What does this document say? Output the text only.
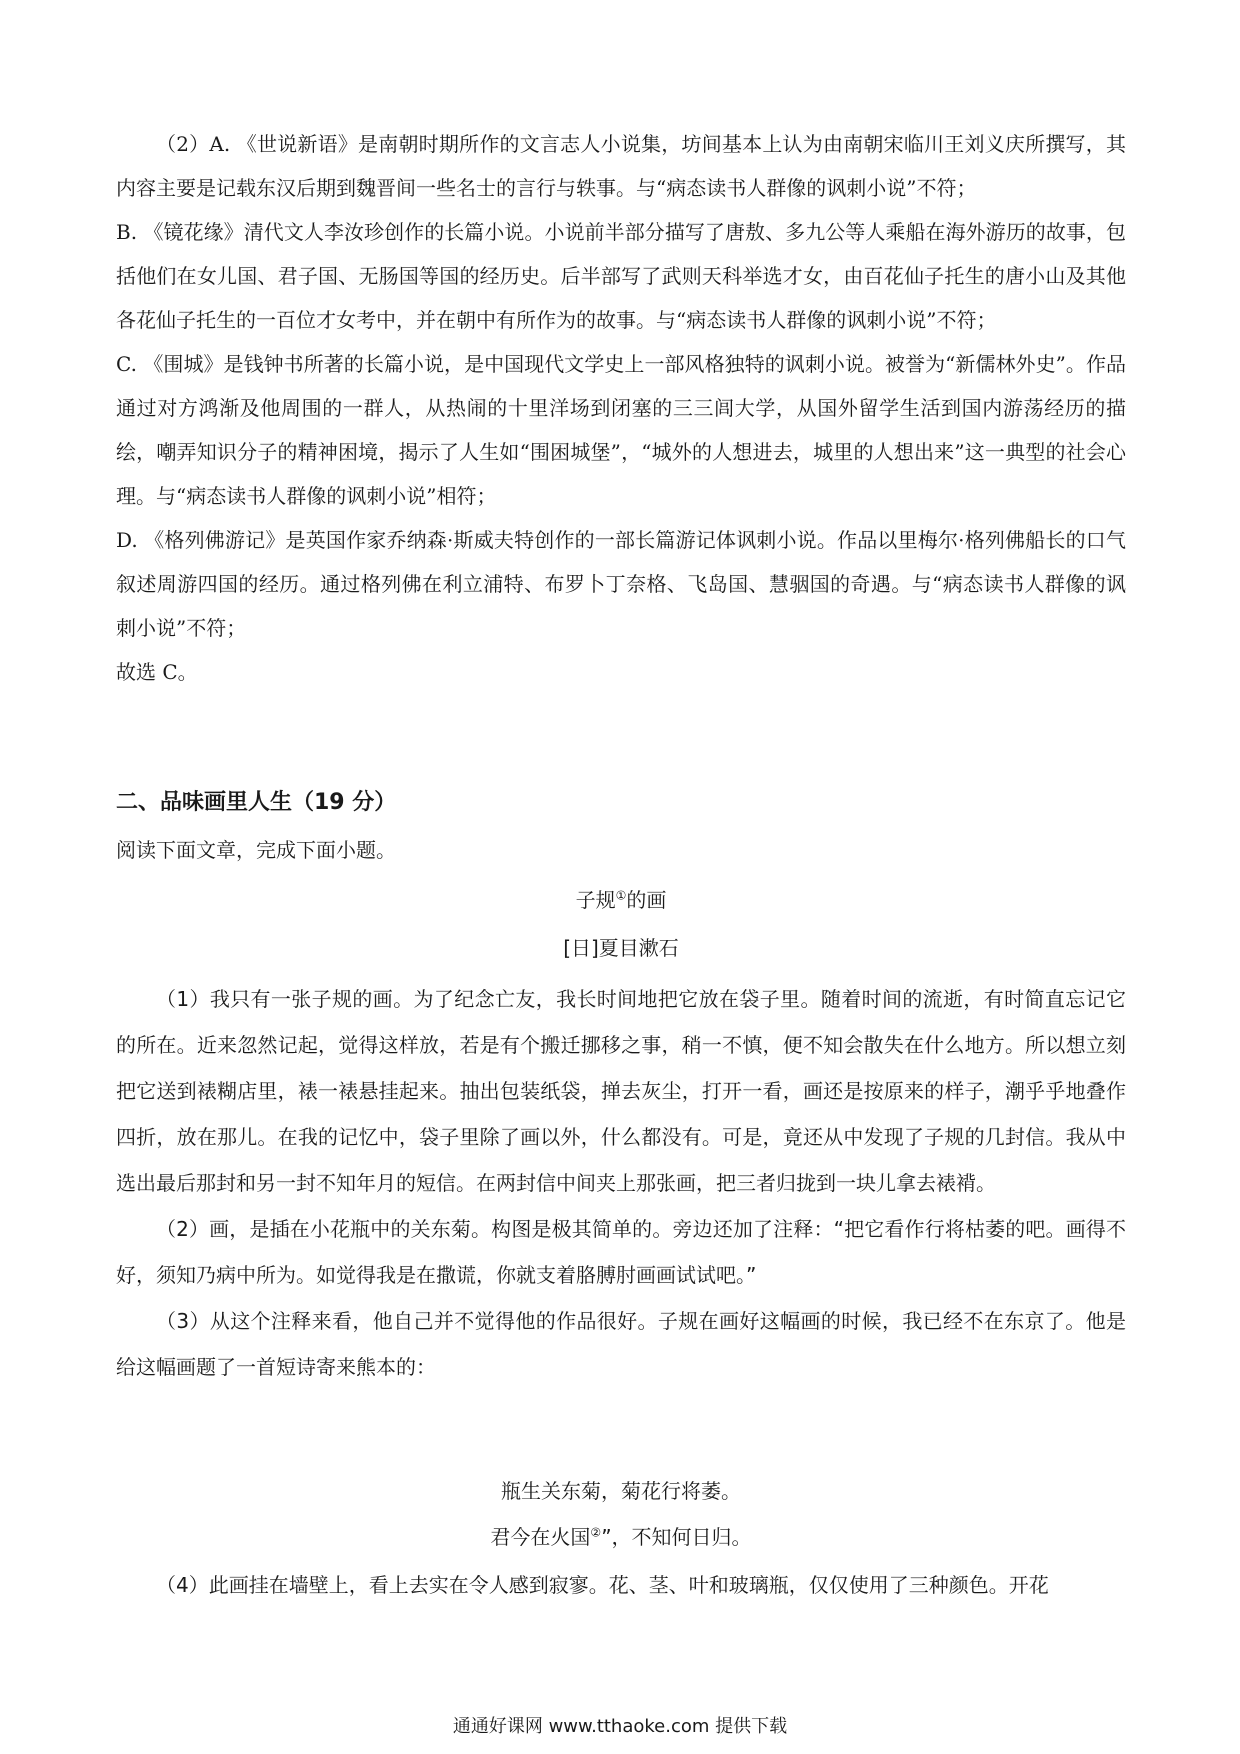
（2）A. 《世说新语》是南朝时期所作的文言志人小说集，坊间基本上认为由南朝宋临川王刘义庆所撰写，其内容主要是记载东汉后期到魏晋间一些名士的言行与轶事。与“病态读书人群像的讽刺小说”不符；

B. 《镜花缘》清代文人李汝珍创作的长篇小说。小说前半部分描写了唐敖、多九公等人乘船在海外游历的故事，包括他们在女儿国、君子国、无肠国等国的经历史。后半部写了武则天科举选才女，由百花仙子托生的唐小山及其他各花仙子托生的一百位才女考中，并在朝中有所作为的故事。与“病态读书人群像的讽刺小说”不符；

C. 《围城》是钱钟书所著的长篇小说，是中国现代文学史上一部风格独特的讽刺小说。被誉为“新儒林外史”。作品通过对方鸿渐及他周围的一群人，从热闹的十里洋场到闭塞的三三闾大学，从国外留学生活到国内游荡经历的描绘，嘲弄知识分子的精神困境，揭示了人生如“围困城堡”，“城外的人想进去，城里的人想出来”这一典型的社会心理。与“病态读书人群像的讽刺小说”相符；

D. 《格列佛游记》是英国作家乔纳森·斯威夫特创作的一部长篇游记体讽刺小说。作品以里梅尔·格列佛船长的口气叙述周游四国的经历。通过格列佛在利立浦特、布罗卜丁奈格、飞岛国、慧骃国的奇遇。与“病态读书人群像的讽刺小说”不符；

故选 C。

二、品味画里人生（19 分）

阅读下面文章，完成下面小题。

子规①的画

[日]夏目漱石

（1）我只有一张子规的画。为了纪念亡友，我长时间地把它放在袋子里。随着时间的流逝，有时简直忘记它的所在。近来忽然记起，觉得这样放，若是有个搬迁挪移之事，稍一不慎，便不知会散失在什么地方。所以想立刻把它送到裱糊店里，裱一裱悬挂起来。抽出包装纸袋，掸去灰尘，打开一看，画还是按原来的样子，潮乎乎地叠作四折，放在那儿。在我的记忆中，袋子里除了画以外，什么都没有。可是，竟还从中发现了子规的几封信。我从中选出最后那封和另一封不知年月的短信。在两封信中间夹上那张画，把三者归拢到一块儿拿去裱褙。

（2）画，是插在小花瓶中的关东菊。构图是极其简单的。旁边还加了注释：“把它看作行将枯萎的吧。画得不好，须知乃病中所为。如觉得我是在撒谎，你就支着胳膊肘画画试试吧。”

（3）从这个注释来看，他自己并不觉得他的作品很好。子规在画好这幅画的时候，我已经不在东京了。他是给这幅画题了一首短诗寄来熊本的：

瓶生关东菊，菊花行将萎。
君今在火国②”，不知何日归。

（4）此画挂在墙壁上，看上去实在令人感到寂寥。花、茎、叶和玻璃瓶，仅仅使用了三种颜色。开花

通通好课网 www.tthaoke.com 提供下载
